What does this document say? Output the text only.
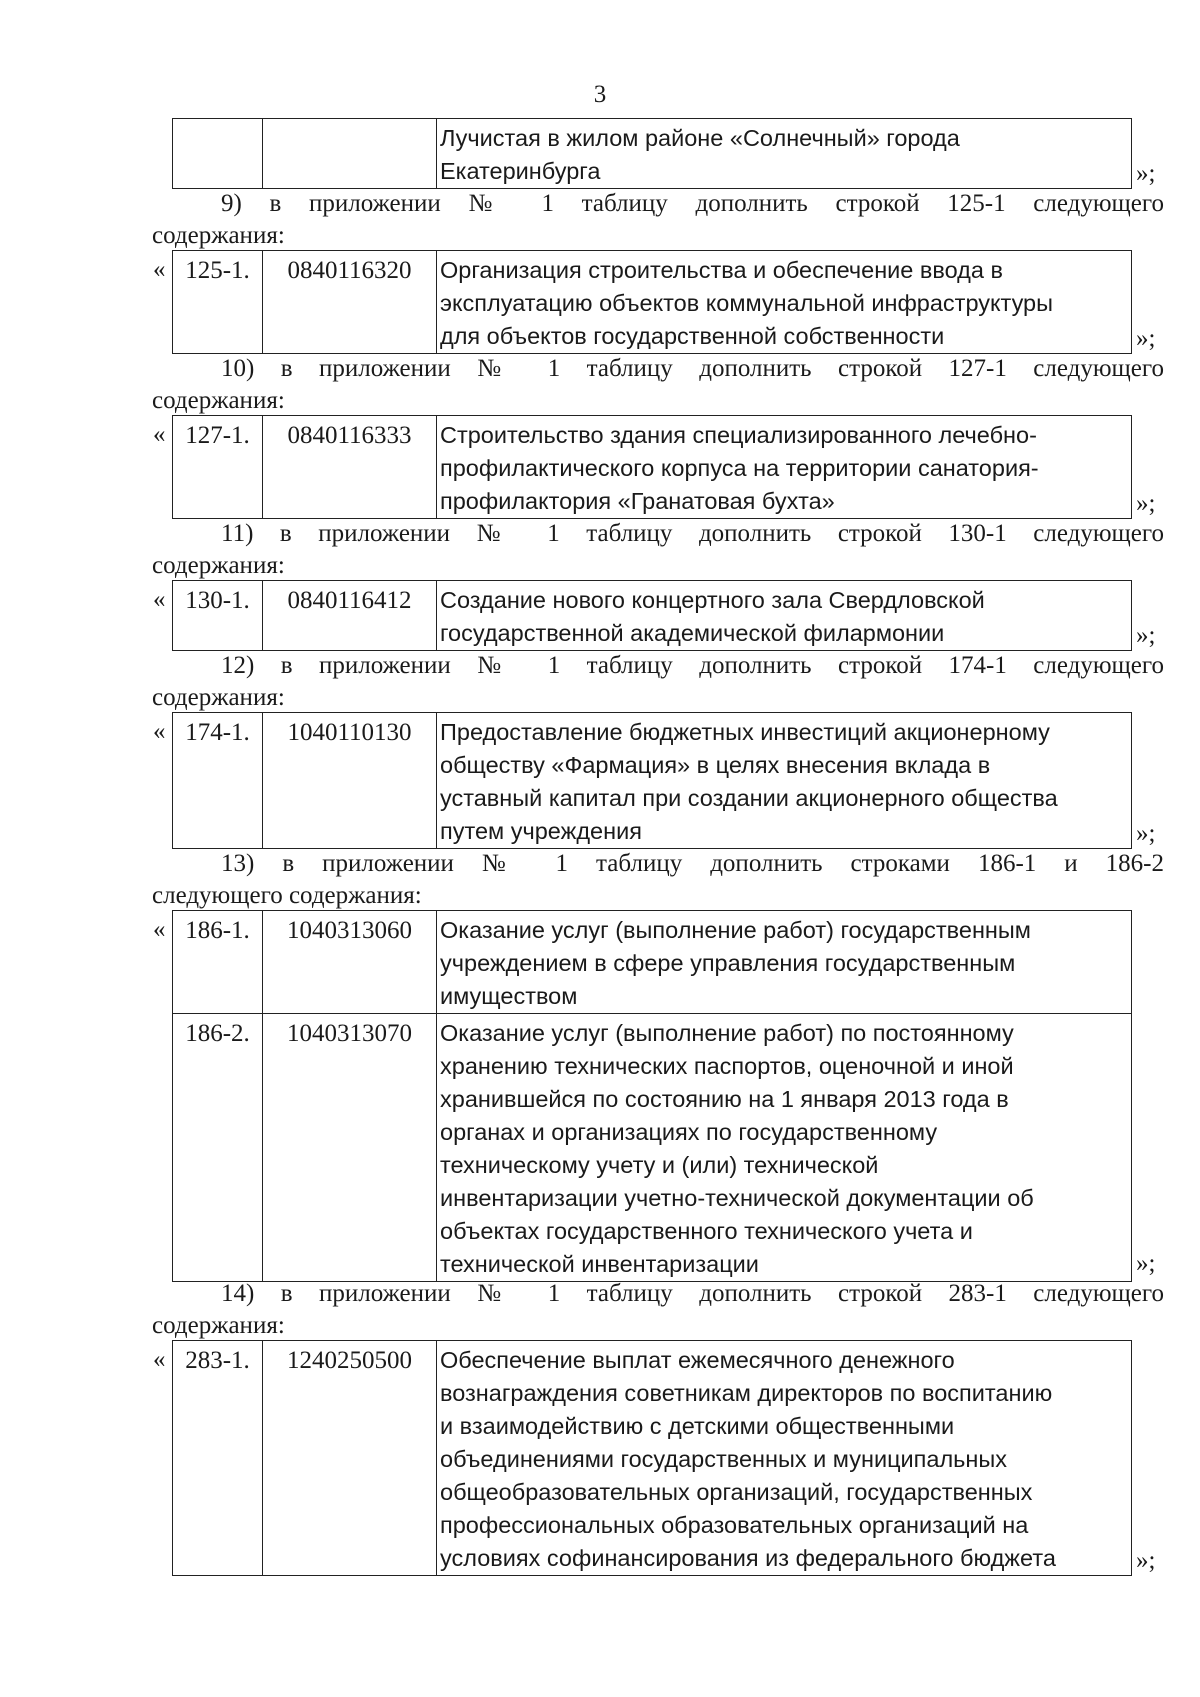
3
Лучистая в жилом районе «Солнечный» города
Екатеринбурга	»;
9) в приложении № 1 таблицу дополнить строкой 125-1 следующего
содержания:
« 125-1.	0840116320	Организация строительства и обеспечение ввода в
эксплуатацию объектов коммунальной инфраструктуры
для объектов государственной собственности	»;
10) в приложении № 1 таблицу дополнить строкой 127-1 следующего
содержания:
« 127-1.	0840116333	Строительство здания специализированного лечебно-
профилактического корпуса на территории санатория-
профилактория «Гранатовая бухта»	»;
11) в приложении № 1 таблицу дополнить строкой 130-1 следующего
содержания:
« 130-1.	0840116412	Создание нового концертного зала Свердловской
государственной академической филармонии	»;
12) в приложении № 1 таблицу дополнить строкой 174-1 следующего
содержания:
« 174-1.	1040110130	Предоставление бюджетных инвестиций акционерному
обществу «Фармация» в целях внесения вклада в
уставный капитал при создании акционерного общества
путем учреждения	»;
13) в приложении № 1 таблицу дополнить строками 186-1 и 186-2
следующего содержания:
« 186-1.	1040313060	Оказание услуг (выполнение работ) государственным
учреждением в сфере управления государственным
имуществом
186-2.	1040313070	Оказание услуг (выполнение работ) по постоянному
хранению технических паспортов, оценочной и иной
хранившейся по состоянию на 1 января 2013 года в
органах и организациях по государственному
техническому учету и (или) технической
инвентаризации учетно-технической документации об
объектах государственного технического учета и
технической инвентаризации	»;
14) в приложении № 1 таблицу дополнить строкой 283-1 следующего
содержания:
« 283-1.	1240250500	Обеспечение выплат ежемесячного денежного
вознаграждения советникам директоров по воспитанию
и взаимодействию с детскими общественными
объединениями государственных и муниципальных
общеобразовательных организаций, государственных
профессиональных образовательных организаций на
условиях софинансирования из федерального бюджета	»;
